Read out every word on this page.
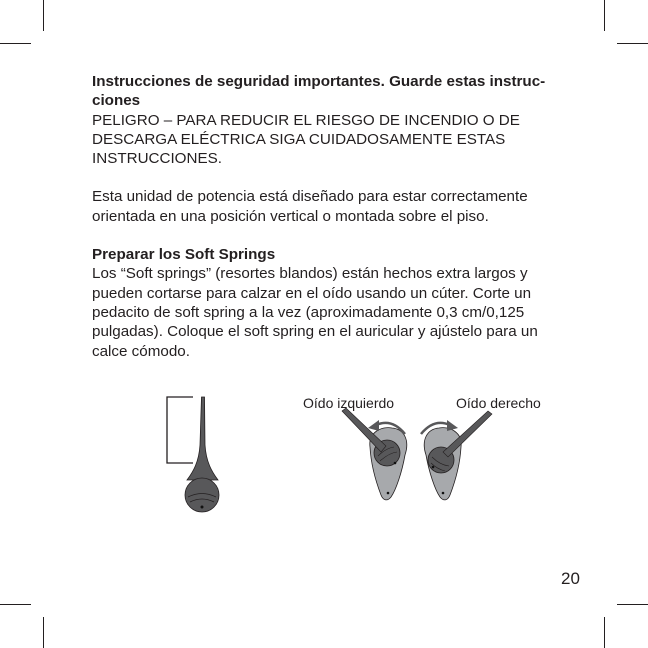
Instrucciones de seguridad importantes. Guarde estas instruc-

ciones

PELIGRO – PARA REDUCIR EL RIESGO DE INCENDIO O DE

DESCARGA ELÉCTRICA SIGA CUIDADOSAMENTE ESTAS

INSTRUCCIONES.

Esta unidad de potencia está diseñado para estar correctamente

orientada en una posición vertical o montada sobre el piso.

Preparar los Soft Springs

Los “Soft springs” (resortes blandos) están hechos extra largos y

pueden cortarse para calzar en el oído usando un cúter. Corte un

pedacito de soft spring a la vez (aproximadamente 0,3 cm/0,125

pulgadas). Coloque el soft spring en el auricular y ajústelo para un

calce cómodo.

Oído izquierdo	Oído derecho
20
